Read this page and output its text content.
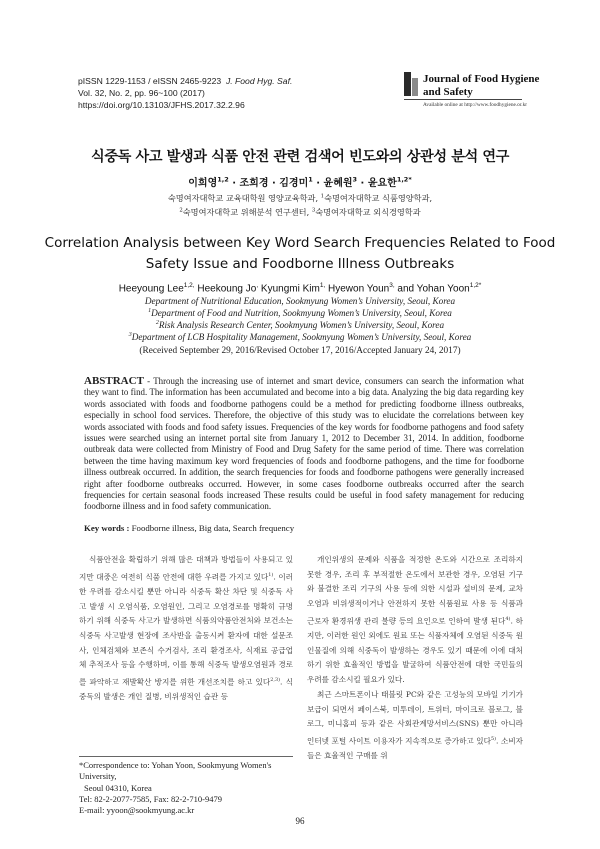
pISSN 1229-1153 / eISSN 2465-9223 J. Food Hyg. Saf.
Vol. 32, No. 2, pp. 96~100 (2017)
https://doi.org/10.13103/JFHS.2017.32.2.96
Journal of Food Hygiene
and Safety
Available online at http://www.foodhygiene.or.kr
식중독 사고 발생과 식품 안전 관련 검색어 빈도와의 상관성 분석 연구
이희영$^{1,2}$ · 조희경 · 김경미$^1$ · 윤혜원$^3$ · 윤요한$^{1,2*}$
숙명여자대학교 교육대학원 영양교육학과, $^1$숙명여자대학교 식품영양학과,
$^2$숙명여자대학교 위해분석 연구센터, $^3$숙명여자대학교 외식경영학과
Correlation Analysis between Key Word Search Frequencies Related to Food
Safety Issue and Foodborne Illness Outbreaks
Heeyoung Lee$^{1,2,}$ Heekoung Jo, Kyungmi Kim$^{1,}$ Hyewon Youn$^{3,}$ and Yohan Yoon$^{1,2*}$
Department of Nutritional Education, Sookmyung Women’s University, Seoul, Korea
$^1$Department of Food and Nutrition, Sookmyung Women’s University, Seoul, Korea
$^2$Risk Analysis Research Center, Sookmyung Women’s University, Seoul, Korea
$^3$Department of LCB Hospitality Management, Sookmyung Women’s University, Seoul, Korea
(Received September 29, 2016/Revised October 17, 2016/Accepted January 24, 2017)
ABSTRACT - Through the increasing use of internet and smart device, consumers can search the information what they want to find. The information has been accumulated and become into a big data. Analyzing the big data regarding key words associated with foods and foodborne pathogens could be a method for predicting foodborne illness outbreaks, especially in school food services. Therefore, the objective of this study was to elucidate the correlations between key words associated with foods and food safety issues. Frequencies of the key words for foodborne pathogens and food safety issues were searched using an internet portal site from January 1, 2012 to December 31, 2014. In addition, foodborne outbreak data were collected from Ministry of Food and Drug Safety for the same period of time. There was correlation between the time having maximum key word frequencies of foods and foodborne pathogens, and the time for foodborne illness outbreak occurred. In addition, the search frequencies for foods and foodborne pathogens were generally increased right after foodborne outbreaks occurred. However, in some cases foodborne outbreaks occurred after the search frequencies for certain seasonal foods increased These results could be useful in food safety management for reducing foodborne illness and in food safety communication.
Key words : Foodborne illness, Big data, Search frequency

식품안전을 확립하기 위해 많은 대책과 방법들이 사용되고 있지만 대중은 여전히 식품 안전에 대한 우려를 가지고 있다$^{1)}$. 이러한 우려를 감소시킬 뿐만 아니라 식중독 확산 차단 및 식중독 사고 발생 시 오염식품, 오염원인, 그리고 오염경로를 명확히 규명하기 위해 식중독 사고가 발생하면 식품의약품안전처와 보건소는 식중독 사고발생 현장에 조사반을 출동시켜 환자에 대한 설문조사, 인체검체와 보존식 수거검사, 조리 환경조사, 식재료 공급업체 추적조사 등을 수행하며, 이를 통해 식중독 발생오염원과 경로를 파악하고 재발확산 방지를 위한 개선조치를 하고 있다$^{2,3)}$. 식중독의 발생은 개인 질병, 비위생적인 습관 등

개인위생의 문제와 식품을 적정한 온도와 시간으로 조리하지 못한 경우, 조리 후 부적절한 온도에서 보관한 경우, 오염된 기구와 불결한 조리 기구의 사용 등에 의한 시설과 설비의 문제, 교차오염과 비위생적이거나 안전하지 못한 식품원료 사용 등 식품과 근로자 환경위생 관리 불량 등의 요인으로 인하여 발생 된다$^{4)}$. 하지만, 이러한 원인 외에도 원료 또는 식품자체에 오염된 식중독 원인물질에 의해 식중독이 발생하는 경우도 있기 때문에 이에 대처하기 위한 효율적인 방법을 발굴하여 식품안전에 대한 국민들의 우려를 감소시킬 필요가 있다.

최근 스마트폰이나 태블릿 PC와 같은 고성능의 모바일 기기가 보급이 되면서 페이스북, 미투데이, 트위터, 마이크로 블로그, 블로그, 미니홈피 등과 같은 사회관계망서비스(SNS) 뿐만 아니라 인터넷 포털 사이트 이용자가 지속적으로 증가하고 있다$^{5)}$. 소비자들은 효율적인 구매를 위

*Correspondence to: Yohan Yoon, Sookmyung Women's University,
Seoul 04310, Korea
Tel: 82-2-2077-7585, Fax: 82-2-710-9479
E-mail: yyoon@sookmyung.ac.kr
96
